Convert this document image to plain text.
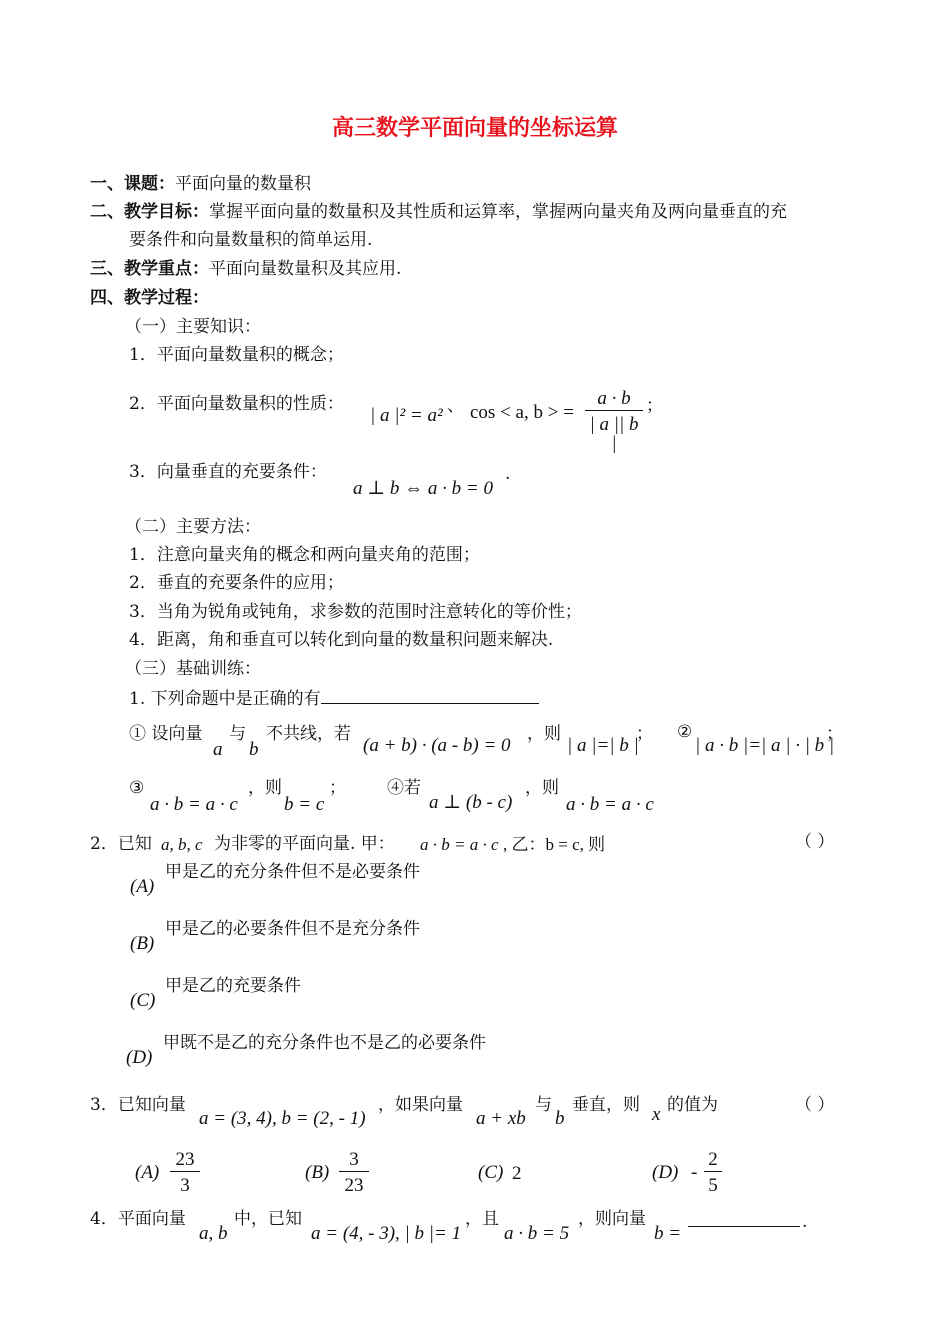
高三数学平面向量的坐标运算
一、课题：平面向量的数量积
二、教学目标：掌握平面向量的数量积及其性质和运算率，掌握两向量夹角及两向量垂直的充
要条件和向量数量积的简单运用.
三、教学重点：平面向量数量积及其应用.
四、教学过程：
（一）主要知识：
1．平面向量数量积的概念；
2．平面向量数量积的性质：
| a |² = a² 、 cos < a, b > = $\frac{a \cdot b}{| a || b |}$ ；
3．向量垂直的充要条件：
a ⊥ b ⇔ a · b = 0
.
（二）主要方法：
1．注意向量夹角的概念和两向量夹角的范围；
2．垂直的充要条件的应用；
3．当角为锐角或钝角，求参数的范围时注意转化的等价性；
4．距离，角和垂直可以转化到向量的数量积问题来解决.
（三）基础训练：
1. 下列命题中是正确的有
① 设向量
a
与
b
不共线，若
(a + b) · (a - b) = 0
，则
| a |=| b |
； ②
| a · b |=| a | · | b |
；
③
a · b = a · c
，则
b = c
； ④若
a ⊥ (b - c)
，则
a · b = a · c
2．已知 a, b, c 为非零的平面向量. 甲： a · b = a · c , 乙：b = c, 则	（ ）
(A)
甲是乙的充分条件但不是必要条件
(B)
甲是乙的必要条件但不是充分条件
(C)
甲是乙的充要条件
(D)
甲既不是乙的充分条件也不是乙的必要条件
3．已知向量
a = (3, 4), b = (2, - 1)
，如果向量
a + xb
与
b
垂直，则 x 的值为	（ ）
$(A) \frac{23}{3}$	$(B) \frac{3}{23}$	(C) 2	$(D) - \frac{2}{5}$
4．平面向量
a, b
中，已知
a = (4, - 3), | b |= 1
，且
a · b = 5
，则向量
b =
.
